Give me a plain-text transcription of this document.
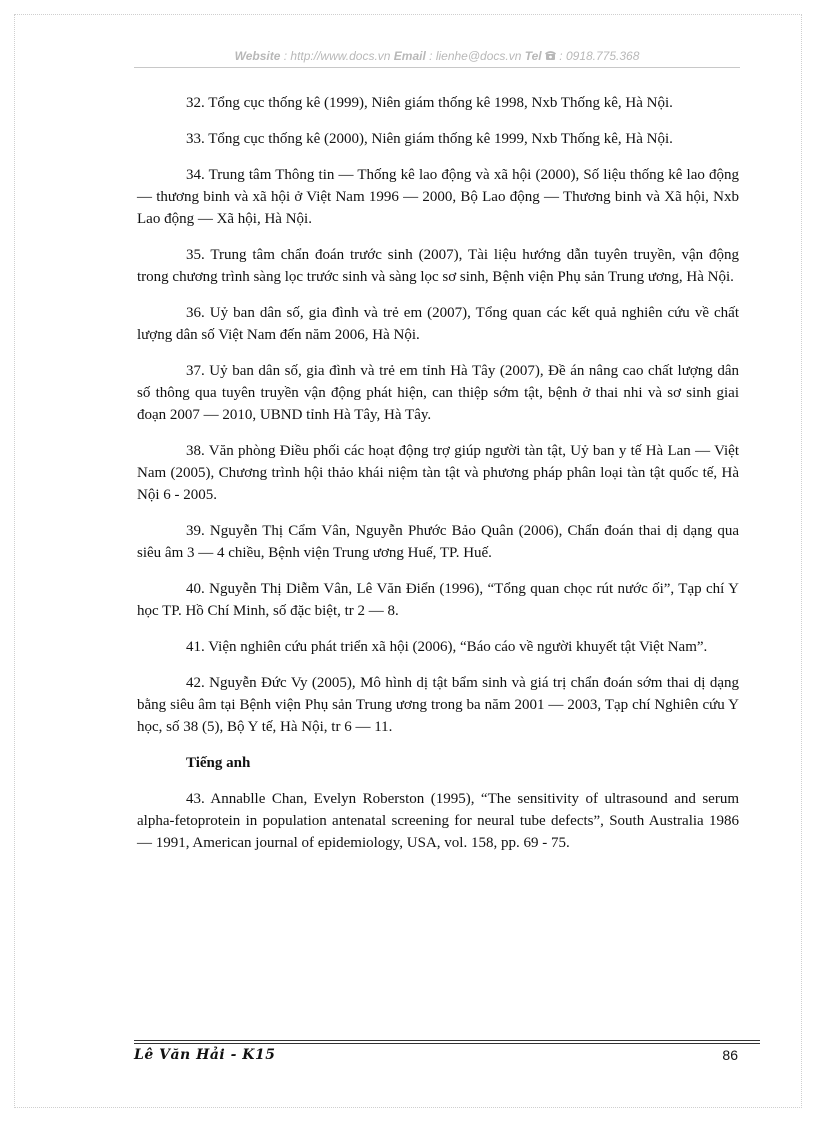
Website : http://www.docs.vn Email : lienhe@docs.vn Tel  : 0918.775.368

32. Tổng cục thống kê (1999), Niên giám thống kê 1998, Nxb Thống kê, Hà Nội.

33. Tổng cục thống kê (2000), Niên giám thống kê 1999, Nxb Thống kê, Hà Nội.

34. Trung tâm Thông tin — Thống kê lao động và xã hội (2000), Số liệu thống kê lao động — thương binh và xã hội ở Việt Nam 1996 — 2000, Bộ Lao động — Thương binh và Xã hội, Nxb Lao động — Xã hội, Hà Nội.

35. Trung tâm chẩn đoán trước sinh (2007), Tài liệu hướng dẫn tuyên truyền, vận động trong chương trình sàng lọc trước sinh và sàng lọc sơ sinh, Bệnh viện Phụ sản Trung ương, Hà Nội.

36. Uỷ ban dân số, gia đình và trẻ em (2007), Tổng quan các kết quả nghiên cứu về chất lượng dân số Việt Nam đến năm 2006, Hà Nội.

37. Uỷ ban dân số, gia đình và trẻ em tỉnh Hà Tây (2007), Đề án nâng cao chất lượng dân số thông qua tuyên truyền vận động phát hiện, can thiệp sớm tật, bệnh ở thai nhi và sơ sinh giai đoạn 2007 — 2010, UBND tỉnh Hà Tây, Hà Tây.

38. Văn phòng Điều phối các hoạt động trợ giúp người tàn tật, Uỷ ban y tế Hà Lan — Việt Nam (2005), Chương trình hội thảo khái niệm tàn tật và phương pháp phân loại tàn tật quốc tế, Hà Nội 6 - 2005.

39. Nguyễn Thị Cẩm Vân, Nguyễn Phước Bảo Quân (2006), Chẩn đoán thai dị dạng qua siêu âm 3 — 4 chiều, Bệnh viện Trung ương Huế, TP. Huế.

40. Nguyễn Thị Diễm Vân, Lê Văn Điển (1996), “Tổng quan chọc rút nước ối”, Tạp chí Y học TP. Hồ Chí Minh, số đặc biệt, tr 2 — 8.

41. Viện nghiên cứu phát triển xã hội (2006), “Báo cáo về người khuyết tật Việt Nam”.

42. Nguyễn Đức Vy (2005), Mô hình dị tật bẩm sinh và giá trị chẩn đoán sớm thai dị dạng bằng siêu âm tại Bệnh viện Phụ sản Trung ương trong ba năm 2001 — 2003, Tạp chí Nghiên cứu Y học, số 38 (5), Bộ Y tế, Hà Nội, tr 6 — 11.

Tiếng anh

43. Annablle Chan, Evelyn Roberston (1995), “The sensitivity of ultrasound and serum alpha-fetoprotein in population antenatal screening for neural tube defects”, South Australia 1986 — 1991, American journal of epidemiology, USA, vol. 158, pp. 69 - 75.

Lê Văn Hải - K15	86
